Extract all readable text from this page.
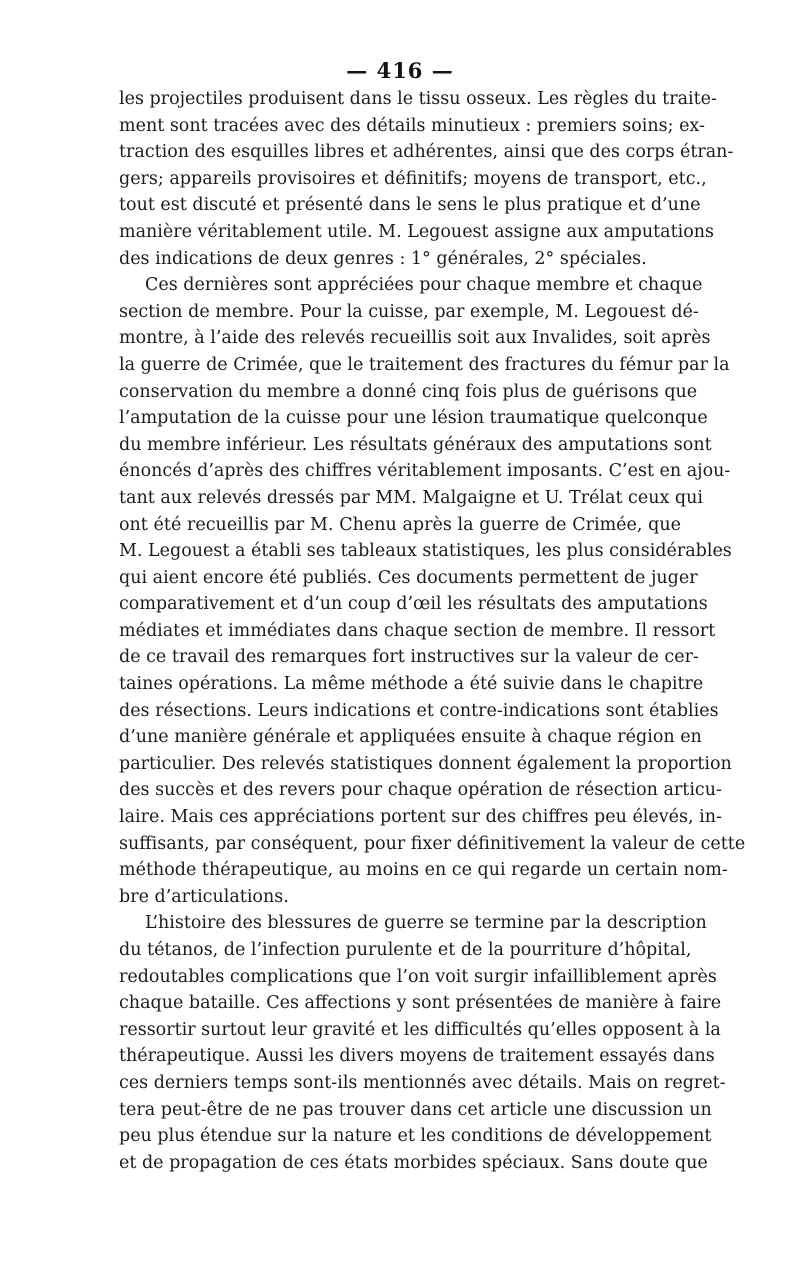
— 416 —
les projectiles produisent dans le tissu osseux. Les règles du traite-
ment sont tracées avec des détails minutieux : premiers soins; ex-
traction des esquilles libres et adhérentes, ainsi que des corps étran-
gers; appareils provisoires et définitifs; moyens de transport, etc.,
tout est discuté et présenté dans le sens le plus pratique et d’une
manière véritablement utile. M. Legouest assigne aux amputations
des indications de deux genres : 1° générales, 2° spéciales.
Ces dernières sont appréciées pour chaque membre et chaque
section de membre. Pour la cuisse, par exemple, M. Legouest dé-
montre, à l’aide des relevés recueillis soit aux Invalides, soit après
la guerre de Crimée, que le traitement des fractures du fémur par la
conservation du membre a donné cinq fois plus de guérisons que
l’amputation de la cuisse pour une lésion traumatique quelconque
du membre inférieur. Les résultats généraux des amputations sont
énoncés d’après des chiffres véritablement imposants. C’est en ajou-
tant aux relevés dressés par MM. Malgaigne et U. Trélat ceux qui
ont été recueillis par M. Chenu après la guerre de Crimée, que
M. Legouest a établi ses tableaux statistiques, les plus considérables
qui aient encore été publiés. Ces documents permettent de juger
comparativement et d’un coup d’œil les résultats des amputations
médiates et immédiates dans chaque section de membre. Il ressort
de ce travail des remarques fort instructives sur la valeur de cer-
taines opérations. La même méthode a été suivie dans le chapitre
des résections. Leurs indications et contre-indications sont établies
d’une manière générale et appliquées ensuite à chaque région en
particulier. Des relevés statistiques donnent également la proportion
des succès et des revers pour chaque opération de résection articu-
laire. Mais ces appréciations portent sur des chiffres peu élevés, in-
suffisants, par conséquent, pour fixer définitivement la valeur de cette
méthode thérapeutique, au moins en ce qui regarde un certain nom-
bre d’articulations.
L’histoire des blessures de guerre se termine par la description
du tétanos, de l’infection purulente et de la pourriture d’hôpital,
redoutables complications que l’on voit surgir infailliblement après
chaque bataille. Ces affections y sont présentées de manière à faire
ressortir surtout leur gravité et les difficultés qu’elles opposent à la
thérapeutique. Aussi les divers moyens de traitement essayés dans
ces derniers temps sont-ils mentionnés avec détails. Mais on regret-
tera peut-être de ne pas trouver dans cet article une discussion un
peu plus étendue sur la nature et les conditions de développement
et de propagation de ces états morbides spéciaux. Sans doute que
